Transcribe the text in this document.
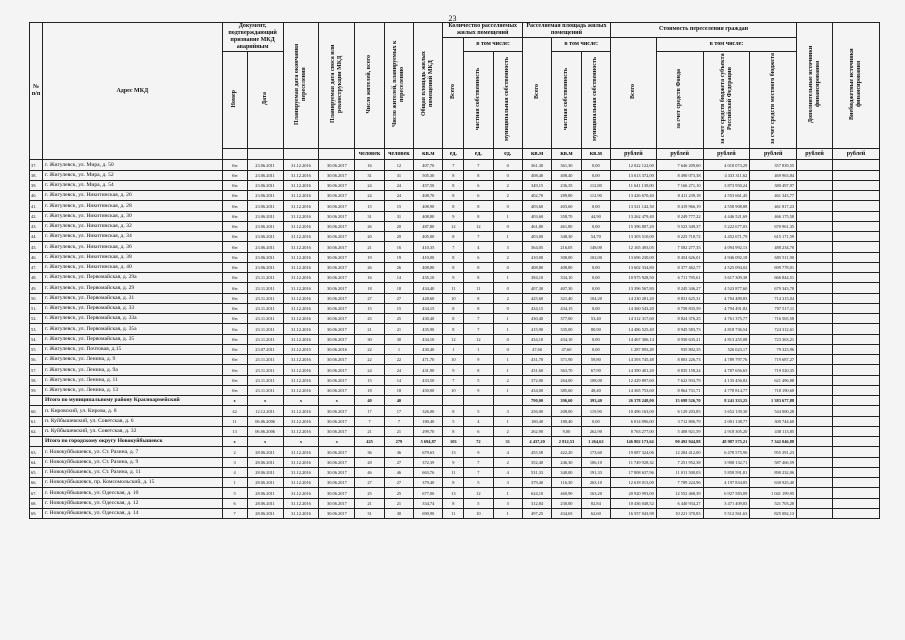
23
№ п/п	Адрес МКД	Документ, подтверждающий признание МКД аварийным		Планируемая дата окончания переселения	Планируемая дата сноса или реконструкции МКД	Число жителей, всего	Число жителей, планируемых к переселению	Общая площадь жилых помещений МКД	Количество расселяемых жилых помещений			Расселяемая площадь жилых помещений			Стоимость переселения граждан				Дополнительные источники финансирования	Внебюджетные источники финансирования
									Всего	в том числе:		Всего	в том числе:		Всего	в том числе:				
		Номер	Дата							частная собственность	муниципальная собственность		частная собственность	муниципальная собственность		за счет средств Фонда	за счет средств бюджета субъекта Российской Федерации	за счет средств местного бюджета		
						человек	человек	кв.м	ед.	ед.	ед.	кв.м	кв.м	кв.м	рублей	рублей	рублей	рублей	рублей	рублей
37.	г. Жигулевск, ул. Мира, д. 50	б/н	23.06.2011	31.12.2016	30.06.2017	16	12	407,70	7	7	0	361,30	361,30	0,00	12 022 122,00	7 646 209,60	4 018 073,29	357 839,55		
38.	г. Жигулевск, ул. Мира, д. 52	б/н	23.06.2011	31.12.2016	30.06.2017	31	31	505,30	8	8	0	408,40	408,40	0,00	13 613 372,00	8 490 073,38	4 333 311,62	469 963,84		
39.	г. Жигулевск, ул. Мира, д. 54	б/н	23.06.2011	31.12.2016	30.06.2017	24	24	457,50	8	6	2	349,15	236,35	112,80	11 641 139,00	7 166 271,10	3 873 950,24	380 497,97		
40.	г. Жигулевск, ул. Никитинская, д. 26	б/н	23.06.2011	31.12.2016	30.06.2017	24	24	408,70	8	6	2	402,70	289,80	112,90	13 426 670,40	8 411 239,18	4 553 661,45	461 343,77		
41.	г. Жигулевск, ул. Никитинская, д. 28	б/н	23.06.2011	31.12.2016	30.06.2017	15	15	408,90	8	8	0	403,60	403,60	0,00	13 521 142,30	8 419 966,19	4 558 908,88	461 817,23		
42.	г. Жигулевск, ул. Никитинская, д. 30	б/н	23.06.2011	31.12.2016	30.06.2017	31	31	408,80	9	8	1	403,60	358,70	44,90	13 262 479,40	8 249 777,22	4 446 521,69	466 175,58		
43.	г. Жигулевск, ул. Никитинская, д. 32	б/н	23.06.2011	31.12.2016	30.06.2017	26	20	487,80	12	12	0	461,80	461,80	0,00	15 396 807,20	9 523 349,37	5 222 677,03	670 961,35		
44.	г. Жигулевск, ул. Никитинская, д. 34	б/н	23.06.2011	31.12.2016	30.06.2017	20	20	405,00	8	7	1	403,00	348,30	54,70	13 303 510,00	8 225 718,72	4 452 671,79	615 171,59		
45.	г. Жигулевск, ул. Никитинская, д. 36	б/н	23.06.2011	31.12.2016	30.06.2017	21	16	410,35	7	4	3	364,05	216,05	148,00	12 165 493,05	7 582 277,35	4 094 992,13	488 234,70		
46.	г. Жигулевск, ул. Никитинская, д. 38	б/н	23.06.2011	31.12.2016	30.06.2017	19	19	410,00	8	6	2	410,00	308,00	102,00	13 696 230,00	8 454 626,01	4 946 092,18	605 511,90		
47.	г. Жигулевск, ул. Никитинская, д. 40	б/н	23.06.2011	31.12.2016	30.06.2017	26	26	408,80	8	8	0	408,80	408,80	0,00	13 602 334,80	8 377 462,77	4 525 094,02	699 778,01		
48.	г. Жигулевск, ул. Первомайская, д. 29а	б/н	23.11.2011	31.12.2016	30.06.2017	16	14	435,10	9	8	1	384,10	334,10	0,00	10 975 928,50	6 711 795,61	3 617 309,38	666 844,51		
49.	г. Жигулевск, ул. Первомайская, д. 29	б/н	23.11.2011	31.12.2016	30.06.2017	18	18	434,40	11	11	0	407,30	407,30	0,00	13 396 567,80	8 245 346,27	4 523 877,60	679 343,78		
50.	г. Жигулевск, ул. Первомайская, д. 31	б/н	23.11.2011	31.12.2016	30.06.2017	27	27	428,60	10	8	2	425,60	321,40	104,20	14 230 281,20	8 831 625,31	4 704 489,83	714 315,04		
51.	г. Жигулевск, ул. Первомайская, д. 33	б/н	23.11.2011	31.12.2016	30.06.2017	15	15	434,15	8	8	0	434,15	434,15	0,00	14 360 543,20	8 758 835,59	4 794 491,82	707 517,11		
52.	г. Жигулевск, ул. Первомайская, д. 33а	б/н	23.11.2011	31.12.2016	30.06.2017	25	25	430,40	8	7	1	430,40	377,00	53,40	14 312 317,60	8 824 376,25	4 761 375,77	716 565,58		
53.	г. Жигулевск, ул. Первомайская, д. 35а	б/н	23.11.2011	31.12.2016	30.06.2017	21	21	435,90	8	7	1	415,90	335,00	80,90	14 486 525,40	8 945 583,73	4 818 736,54	724 312,61		
54.	г. Жигулевск, ул. Первомайская, д. 35	б/н	23.11.2011	31.12.2016	30.06.2017	30	30	434,10	12	12	0	434,10	434,10	0,00	14 467 306,14	8 930 635,21	4 813 255,08	723 363,21		
55.	г. Жигулевск, ул. Почтовая, д.15	б/н	23.07.2011	31.12.2015	30.06.2016	22	1	430,40	1	1	0	47,60	47,60	0,00	1 287 893,28	935 802,35	526 023,17	79 323,96		
56.	г. Жигулевск, ул. Ленина, д. 9	б/н	23.11.2011	31.12.2016	30.06.2017	22	22	471,70	10	9	1	431,70	371,90	59,80	14 393 745,48	8 803 226,73	4 789 797,76	719 687,27		
57.	г. Жигулевск, ул. Ленина, д. 9а	б/н	23.11.2011	31.12.2016	30.06.2017	24	24	431,90	9	8	1	431,60	363,70	67,90	14 390 401,20	8 835 158,24	4 787 656,65	719 520,35		
58.	г. Жигулевск, ул. Ленина, д. 11	б/н	23.11.2011	31.12.2016	30.06.2017	15	14	433,50	7	5	2	372,00	264,00	108,00	12 429 897,60	7 622 933,79	4 135 456,82	621 496,88		
59.	г. Жигулевск, ул. Ленина, д. 13	б/н	23.11.2011	31.12.2016	30.06.2017	18	18	450,00	10	9	1	434,00	385,60	48,40	14 365 753,60	8 864 731,71	4 778 814,77	718 190,60		
	Итого по муниципальному району Красноармейский	х	х	х	х	40	40					790,00	396,60	393,40	26 378 248,00	15 698 526,70	8 241 333,25	1 383 677,88		
60.	п. Кировский, ул. Кирова, д. 8	42	12.12.2011	31.12.2016	30.06.2017	17	17	326,00	8	5	3	256,00	208,00	119,90	10 496 163,00	6 129 203,85	3 652 139,30	544 000,28		
61.	п. Куйбышевский, ул. Советская, д. 6	11	06.06.2006	31.12.2016	30.06.2017	7	7	180,40	5	4	1	180,40	180,40	0,00	6 014 896,00	3 712 806,79	2 001 138,77	300 744,60		
62.	п. Куйбышевский, ул. Советская, д. 32	13	06.06.2006	31.12.2016	30.06.2017	21	21	299,70	8	6	2	262,90	9,00	262,90	8 763 277,00	5 408 921,59	2 918 305,20	438 113,85		
	Итого по городскому округу Новокуйбышевск	х	х	х	х	425	279	5 694,87	103	72	31	4 437,20	2 812,53	1 264,62	146 802 173,64	90 492 944,88	48 987 575,21	7 342 046,88		
63.	г. Новокуйбышевск, ул. Ст. Разина, д. 7	2	28.06.2011	31.12.2016	30.06.2017	36	36	679,63	13	9	4	455,58	422,20	173,60	19 087 324,06	12 284 412,00	6 478 575,96	955 391,23		
64.	г. Новокуйбышевск, ул. Ст. Разина, д. 9	3	28.06.2011	31.12.2016	30.06.2017	28	27	372,39	9	7	2	352,40	246,30	106,10	11 749 928,32	7 251 952,38	3 908 132,71	587 466,59		
65.	г. Новокуйбышевск, ул. Ст. Разина, д. 11	4	28.06.2011	31.12.2016	30.06.2017	46	46	663,76	11	7	4	531,33	340,00	191,33	17 808 637,96	11 011 500,03	5 858 591,81	890 232,06		
66.	г. Новокуйбышевск, пр. Комсомольский, д. 15	1	28.06.2011	31.12.2016	30.06.2017	27	27	379,40	8	5	3	379,40	116,30	263,10	12 618 013,00	7 789 224,96	4 197 834,85	630 925,40		
67.	г. Новокуйбышевск, ул. Одесская, д. 10	5	28.06.2011	31.12.2016	30.06.2017	25	25	677,00	13	12	1	624,10	460,90	163,20	20 920 993,00	12 552 468,39	6 927 583,09	1 041 199,95		
68.	г. Новокуйбышевск, ул. Одесская, д. 12	6	28.06.2011	31.12.2016	30.06.2017	21	21	334,74	8	5	3	312,84	230,00	82,84	10 436 048,52	6 440 934,27	3 471 409,83	521 703,28		
69.	г. Новокуйбышевск, ул. Одесская, д. 14	7	28.06.2011	31.12.2016	30.06.2017	31	30	690,90	11	10	1	497,25	434,65	62,60	16 557 043,98	10 221 370,83	5 512 561,63	825 082,13		
